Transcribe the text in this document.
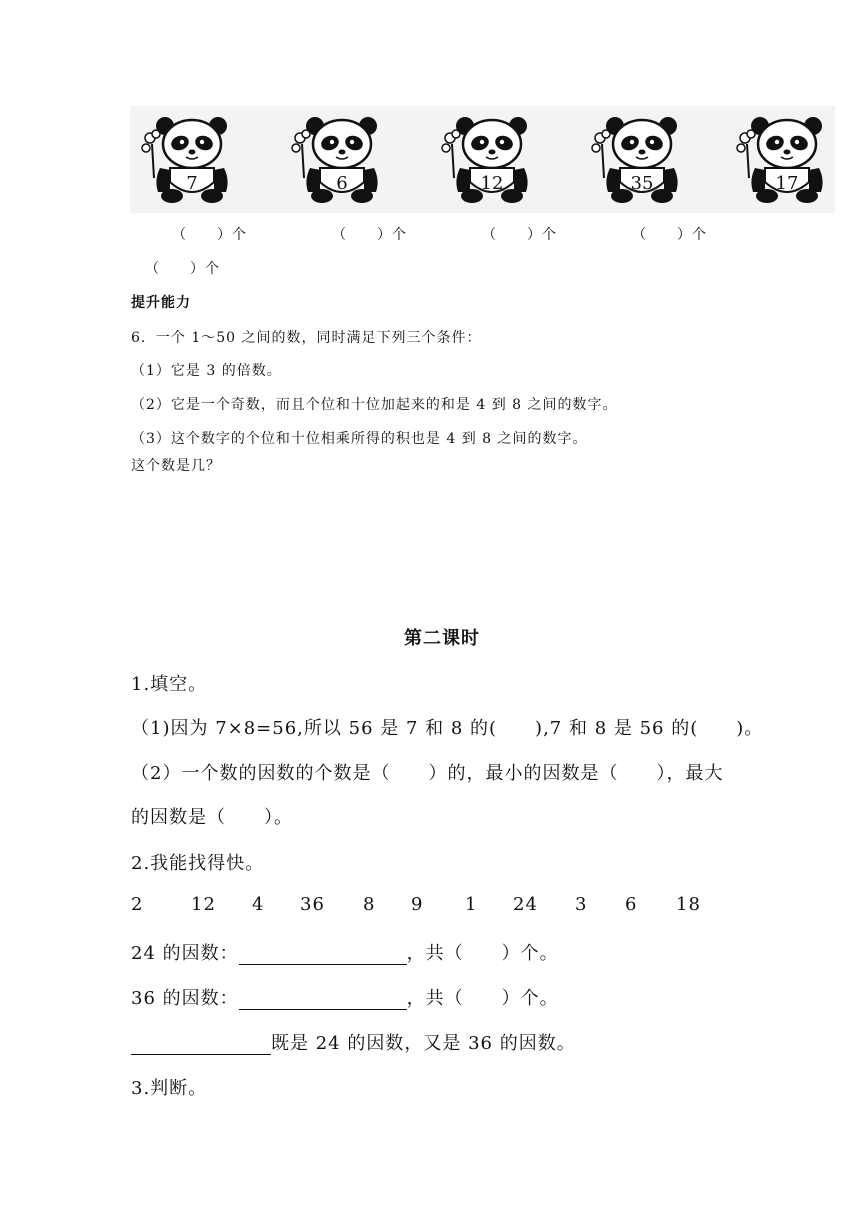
7	6	12	35	17
（　　）个	（　　）个	（　　）个	（　　）个
（　　）个
提升能力
6．一个 1～50 之间的数，同时满足下列三个条件：
（1）它是 3 的倍数。
（2）它是一个奇数，而且个位和十位加起来的和是 4 到 8 之间的数字。
（3）这个数字的个位和十位相乘所得的积也是 4 到 8 之间的数字。
这个数是几？
第二课时
1.填空。
（1)因为 7×8=56,所以 56 是 7 和 8 的(　　),7 和 8 是 56 的(　　)。
（2）一个数的因数的个数是（　　）的，最小的因数是（　　），最大
的因数是（　　）。
2.我能找得快。
2	12 4 36 8 9 1 24 3 6 18
24 的因数：	，共（　　）个。
36 的因数：	，共（　　）个。
既是 24 的因数，又是 36 的因数。
3.判断。
